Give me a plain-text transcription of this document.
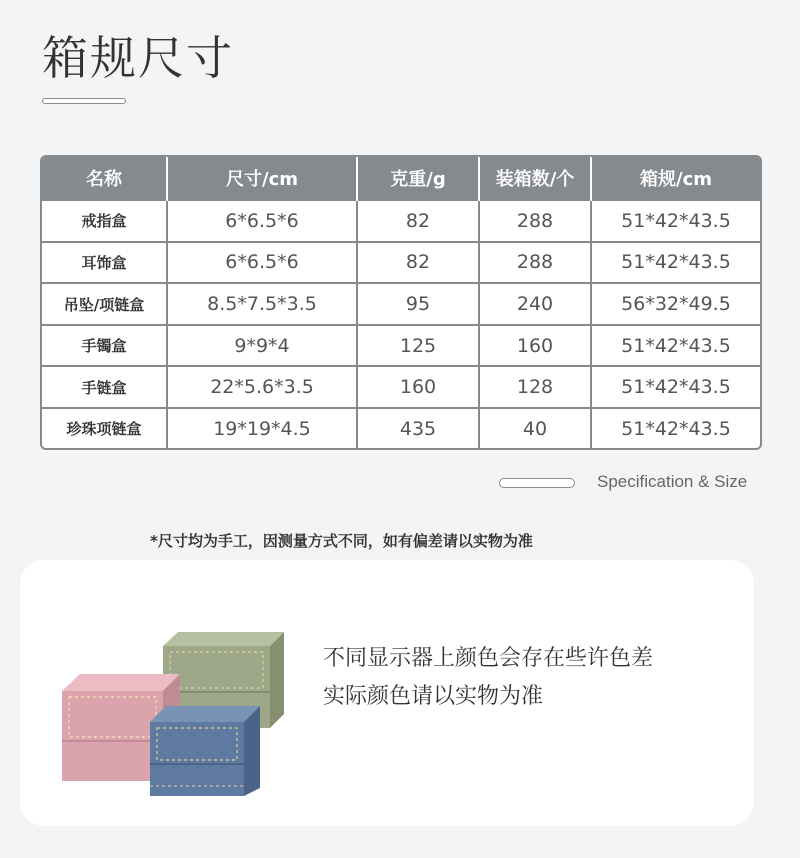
箱规尺寸
名称	尺寸/cm	克重/g	装箱数/个	箱规/cm
戒指盒	6*6.5*6	82	288	51*42*43.5
耳饰盒	6*6.5*6	82	288	51*42*43.5
吊坠/项链盒	8.5*7.5*3.5	95	240	56*32*49.5
手镯盒	9*9*4	125	160	51*42*43.5
手链盒	22*5.6*3.5	160	128	51*42*43.5
珍珠项链盒	19*19*4.5	435	40	51*42*43.5
Specification & Size
*尺寸均为手工，因测量方式不同，如有偏差请以实物为准
不同显示器上颜色会存在些许色差
实际颜色请以实物为准
